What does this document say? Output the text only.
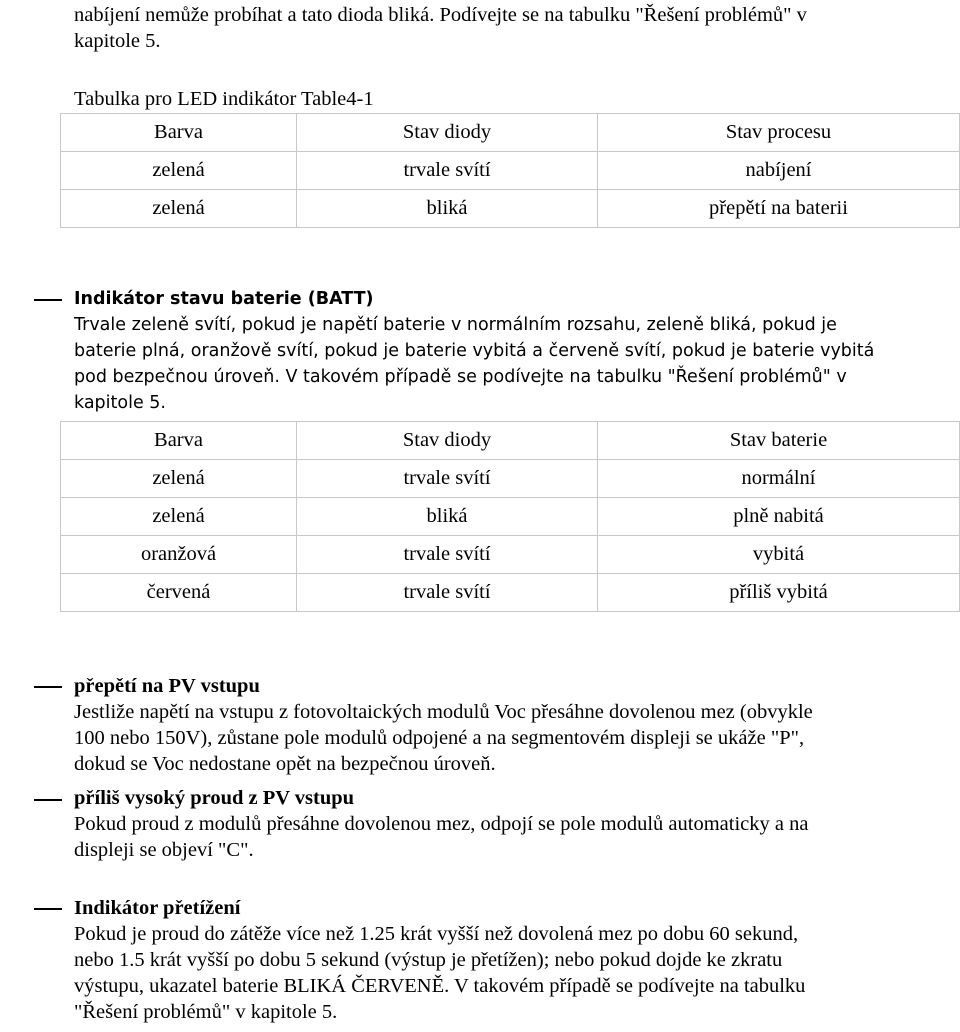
nabíjení nemůže probíhat a tato dioda bliká. Podívejte se na tabulku "Řešení problémů" v
kapitole 5.
Tabulka pro LED indikátor Table4-1
Barva	Stav diody	Stav procesu
zelená	trvale svítí	nabíjení
zelená	bliká	přepětí na baterii
Indikátor stavu baterie (BATT)
Trvale zeleně svítí, pokud je napětí baterie v normálním rozsahu, zeleně bliká, pokud je
baterie plná, oranžově svítí, pokud je baterie vybitá a červeně svítí, pokud je baterie vybitá
pod bezpečnou úroveň. V takovém případě se podívejte na tabulku "Řešení problémů" v
kapitole 5.
Barva	Stav diody	Stav baterie
zelená	trvale svítí	normální
zelená	bliká	plně nabitá
oranžová	trvale svítí	vybitá
červená	trvale svítí	příliš vybitá
přepětí na PV vstupu
Jestliže napětí na vstupu z fotovoltaických modulů Voc přesáhne dovolenou mez (obvykle
100 nebo 150V), zůstane pole modulů odpojené a na segmentovém displeji se ukáže "P",
dokud se Voc nedostane opět na bezpečnou úroveň.
příliš vysoký proud z PV vstupu
Pokud proud z modulů přesáhne dovolenou mez, odpojí se pole modulů automaticky a na
displeji se objeví "C".
Indikátor přetížení
Pokud je proud do zátěže více než 1.25 krát vyšší než dovolená mez po dobu 60 sekund,
nebo 1.5 krát vyšší po dobu 5 sekund (výstup je přetížen); nebo pokud dojde ke zkratu
výstupu, ukazatel baterie BLIKÁ ČERVENĚ. V takovém případě se podívejte na tabulku
"Řešení problémů" v kapitole 5.
